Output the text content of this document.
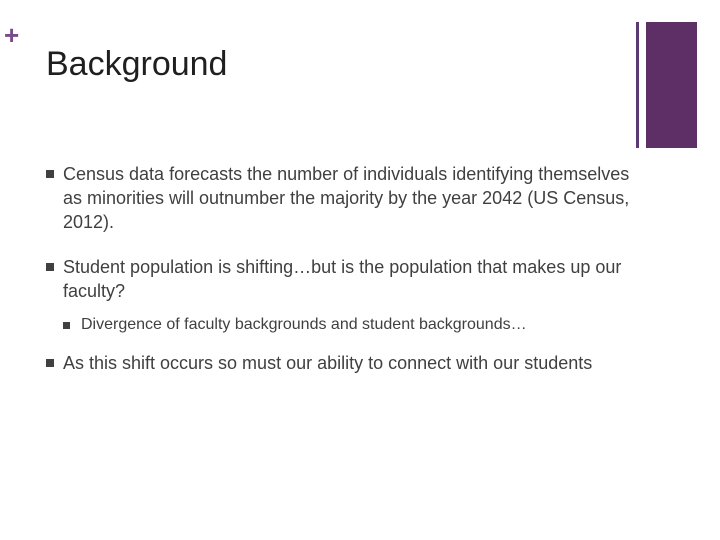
+
Background
Census data forecasts the number of individuals identifying themselves as minorities will outnumber the majority by the year 2042 (US Census, 2012).
Student population is shifting…but is the population that makes up our faculty?
Divergence of faculty backgrounds and student backgrounds…
As this shift occurs so must our ability to connect with our students
